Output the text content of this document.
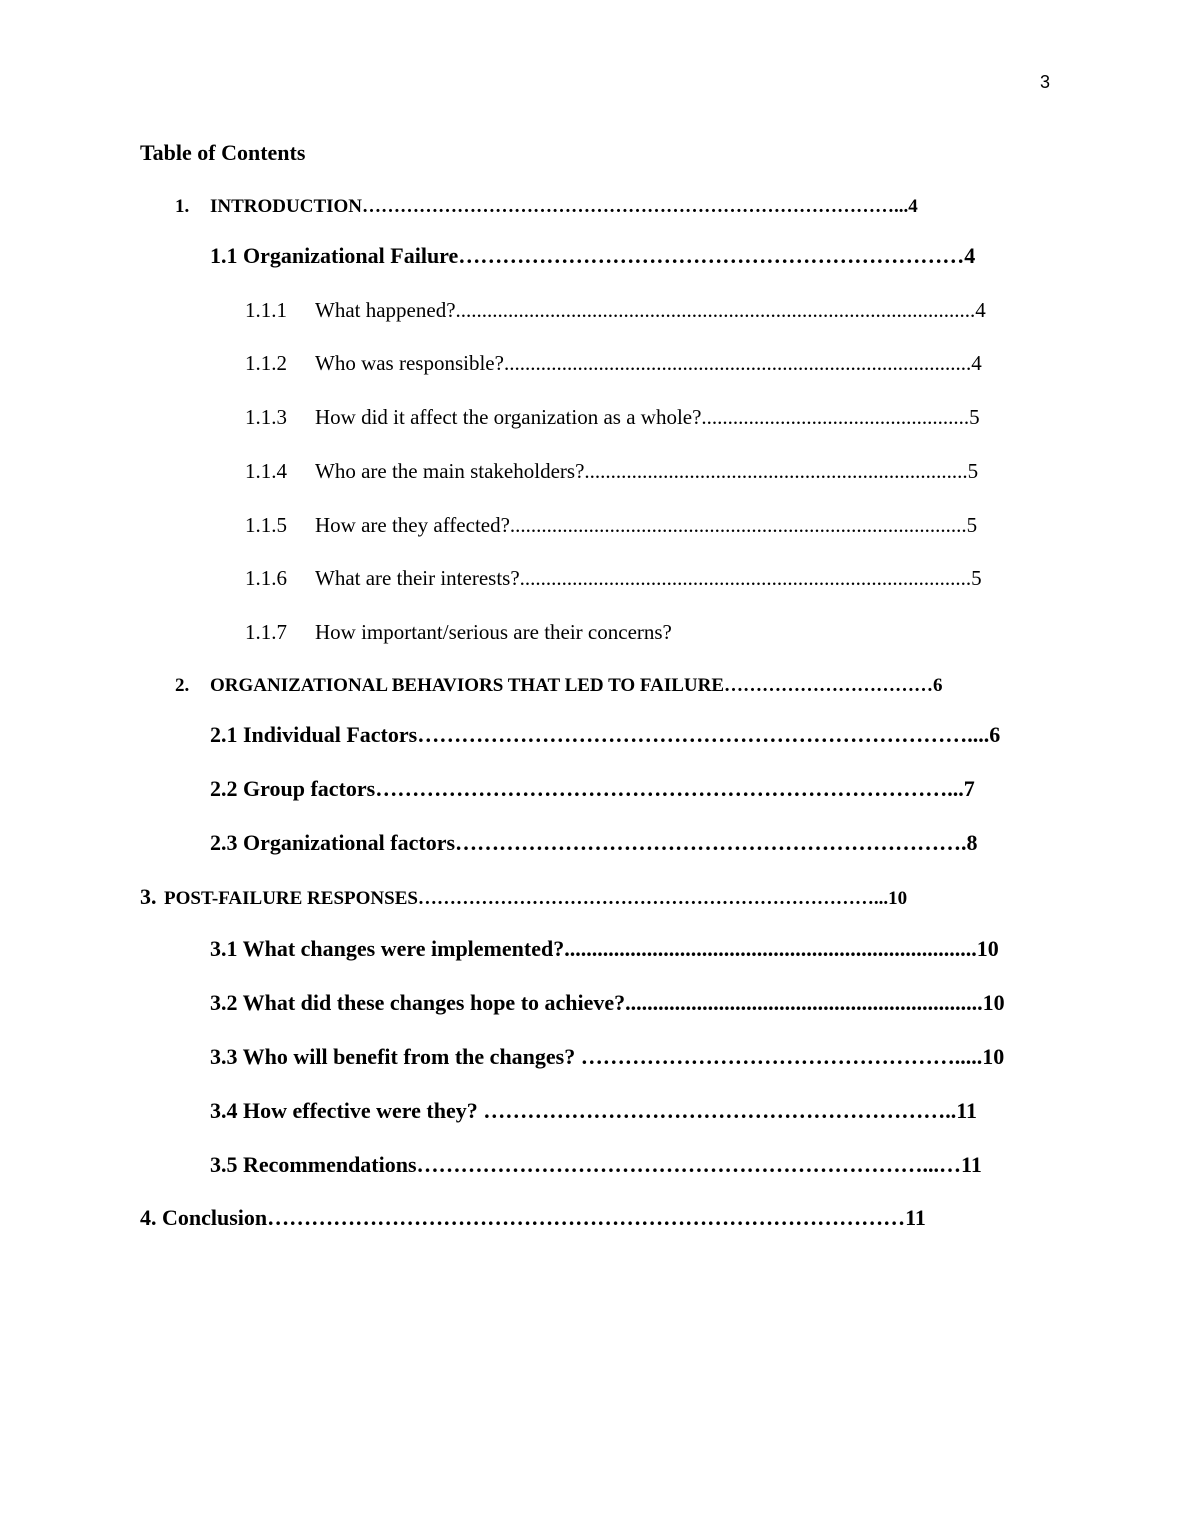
3
Table of Contents
1. INTRODUCTION…………………………………………………………………………...4
1.1 Organizational Failure……………………………………………………………4
1.1.1 What happened?...................................................................................................4
1.1.2 Who was responsible?.........................................................................................4
1.1.3 How did it affect the organization as a whole?...................................................5
1.1.4 Who are the main stakeholders?.........................................................................5
1.1.5 How are they affected?.......................................................................................5
1.1.6 What are their interests?......................................................................................5
1.1.7 How important/serious are their concerns?
2. ORGANIZATIONAL BEHAVIORS THAT LED TO FAILURE……………………………6
2.1 Individual Factors…………………………………………………………………....6
2.2 Group factors……………………………………………………………………...7
2.3 Organizational factors…………………………………………………………….8
3. POST-FAILURE RESPONSES………………………………………………………………...10
3.1 What changes were implemented?...........................................................................10
3.2 What did these changes hope to achieve?.................................................................10
3.3 Who will benefit from the changes? …………………………………………….....10
3.4 How effective were they? ………………………………………………………..11
3.5 Recommendations……………………………………………………………...…11
4. Conclusion……………………………………………………………………………11
